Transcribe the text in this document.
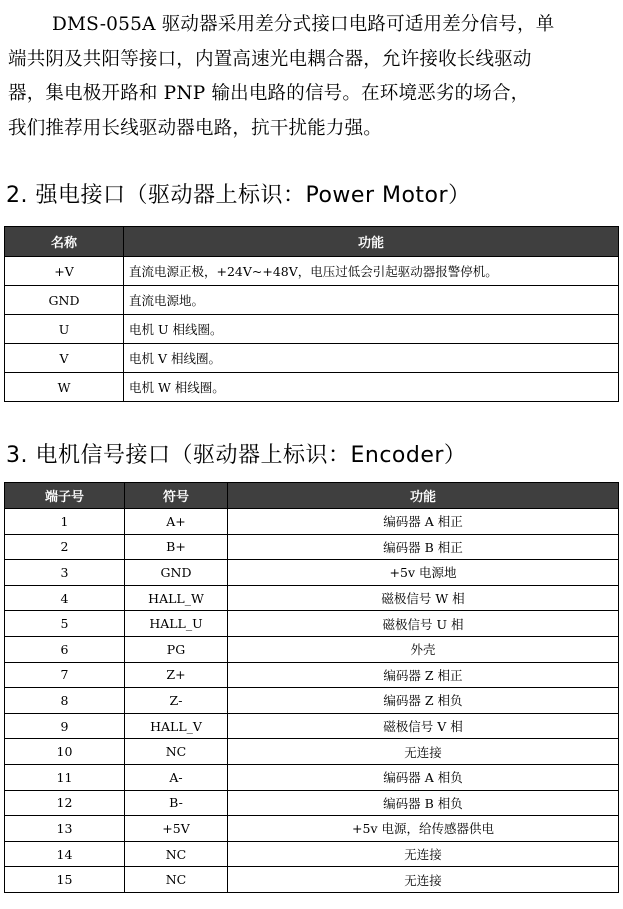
DMS-055A 驱动器采用差分式接口电路可适用差分信号，单
端共阴及共阳等接口，内置高速光电耦合器，允许接收长线驱动
器，集电极开路和 PNP 输出电路的信号。在环境恶劣的场合，
我们推荐用长线驱动器电路，抗干扰能力强。

2. 强电接口（驱动器上标识：Power Motor）
名称	功能
+V	直流电源正极，+24V~+48V，电压过低会引起驱动器报警停机。
GND	直流电源地。
U	电机 U 相线圈。
V	电机 V 相线圈。
W	电机 W 相线圈。
3. 电机信号接口（驱动器上标识：Encoder）
端子号	符号	功能
1	A+	编码器 A 相正
2	B+	编码器 B 相正
3	GND	+5v 电源地
4	HALL_W	磁极信号 W 相
5	HALL_U	磁极信号 U 相
6	PG	外壳
7	Z+	编码器 Z 相正
8	Z-	编码器 Z 相负
9	HALL_V	磁极信号 V 相
10	NC	无连接
11	A-	编码器 A 相负
12	B-	编码器 B 相负
13	+5V	+5v 电源，给传感器供电
14	NC	无连接
15	NC	无连接
